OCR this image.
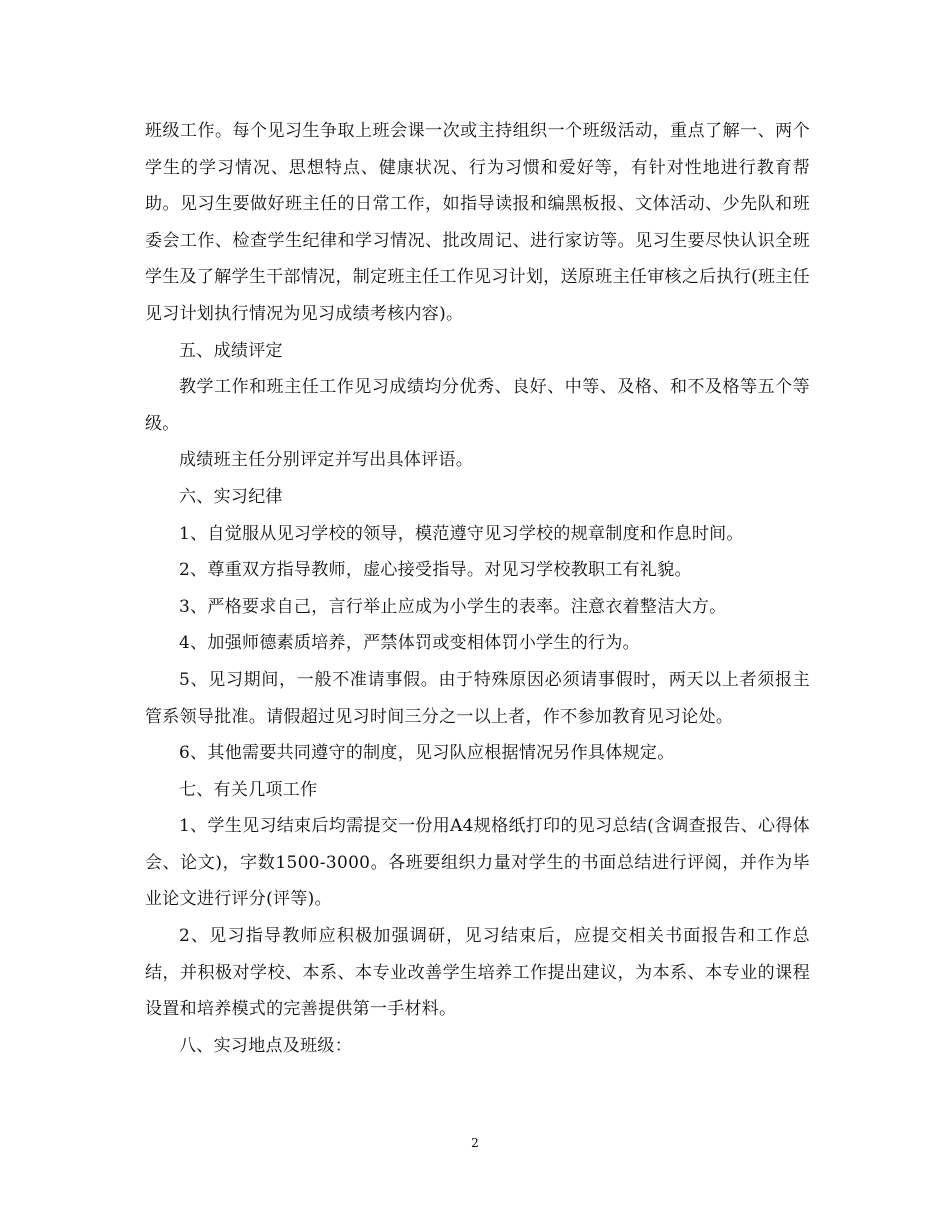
班级工作。每个见习生争取上班会课一次或主持组织一个班级活动，重点了解一、两个学生的学习情况、思想特点、健康状况、行为习惯和爱好等，有针对性地进行教育帮助。见习生要做好班主任的日常工作，如指导读报和编黑板报、文体活动、少先队和班委会工作、检查学生纪律和学习情况、批改周记、进行家访等。见习生要尽快认识全班学生及了解学生干部情况，制定班主任工作见习计划，送原班主任审核之后执行(班主任见习计划执行情况为见习成绩考核内容)。

五、成绩评定

教学工作和班主任工作见习成绩均分优秀、良好、中等、及格、和不及格等五个等级。

成绩班主任分别评定并写出具体评语。

六、实习纪律

1、自觉服从见习学校的领导，模范遵守见习学校的规章制度和作息时间。

2、尊重双方指导教师，虚心接受指导。对见习学校教职工有礼貌。

3、严格要求自己，言行举止应成为小学生的表率。注意衣着整洁大方。

4、加强师德素质培养，严禁体罚或变相体罚小学生的行为。

5、见习期间，一般不准请事假。由于特殊原因必须请事假时，两天以上者须报主管系领导批准。请假超过见习时间三分之一以上者，作不参加教育见习论处。

6、其他需要共同遵守的制度，见习队应根据情况另作具体规定。

七、有关几项工作

1、学生见习结束后均需提交一份用A4规格纸打印的见习总结(含调查报告、心得体会、论文)，字数1500-3000。各班要组织力量对学生的书面总结进行评阅，并作为毕业论文进行评分(评等)。

2、见习指导教师应积极加强调研，见习结束后，应提交相关书面报告和工作总结，并积极对学校、本系、本专业改善学生培养工作提出建议，为本系、本专业的课程设置和培养模式的完善提供第一手材料。

八、实习地点及班级：

2
